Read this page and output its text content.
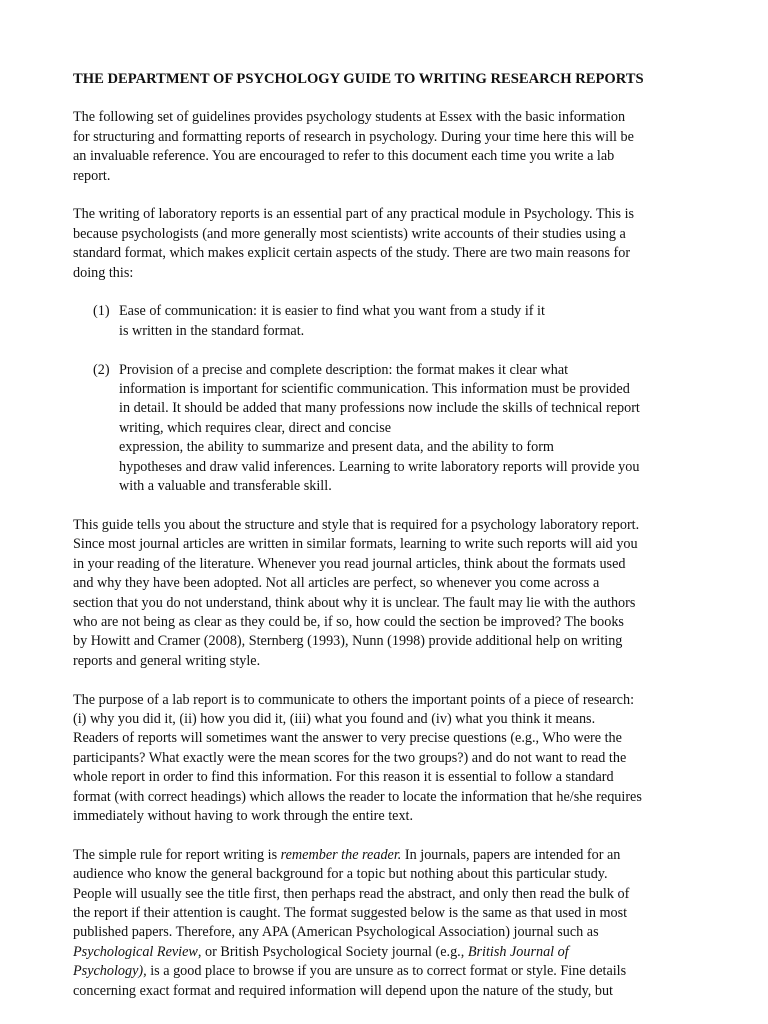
THE DEPARTMENT OF PSYCHOLOGY GUIDE TO WRITING RESEARCH REPORTS

The following set of guidelines provides psychology students at Essex with the basic information
for structuring and formatting reports of research in psychology. During your time here this will be
an invaluable reference. You are encouraged to refer to this document each time you write a lab
report.

The writing of laboratory reports is an essential part of any practical module in Psychology. This is
because psychologists (and more generally most scientists) write accounts of their studies using a
standard format, which makes explicit certain aspects of the study. There are two main reasons for
doing this:

(1) Ease of communication: it is easier to find what you want from a study if it
is written in the standard format.
(2) Provision of a precise and complete description: the format makes it clear what
information is important for scientific communication. This information must be provided
in detail. It should be added that many professions now include the skills of technical report
writing, which requires clear, direct and concise
expression, the ability to summarize and present data, and the ability to form
hypotheses and draw valid inferences. Learning to write laboratory reports will provide you
with a valuable and transferable skill.

This guide tells you about the structure and style that is required for a psychology laboratory report.
Since most journal articles are written in similar formats, learning to write such reports will aid you
in your reading of the literature. Whenever you read journal articles, think about the formats used
and why they have been adopted. Not all articles are perfect, so whenever you come across a
section that you do not understand, think about why it is unclear. The fault may lie with the authors
who are not being as clear as they could be, if so, how could the section be improved? The books
by Howitt and Cramer (2008), Sternberg (1993), Nunn (1998) provide additional help on writing
reports and general writing style.

The purpose of a lab report is to communicate to others the important points of a piece of research:
(i) why you did it, (ii) how you did it, (iii) what you found and (iv) what you think it means.
Readers of reports will sometimes want the answer to very precise questions (e.g., Who were the
participants? What exactly were the mean scores for the two groups?) and do not want to read the
whole report in order to find this information. For this reason it is essential to follow a standard
format (with correct headings) which allows the reader to locate the information that he/she requires
immediately without having to work through the entire text.

The simple rule for report writing is remember the reader. In journals, papers are intended for an
audience who know the general background for a topic but nothing about this particular study.
People will usually see the title first, then perhaps read the abstract, and only then read the bulk of
the report if their attention is caught. The format suggested below is the same as that used in most
published papers. Therefore, any APA (American Psychological Association) journal such as
Psychological Review, or British Psychological Society journal (e.g., British Journal of
Psychology), is a good place to browse if you are unsure as to correct format or style. Fine details
concerning exact format and required information will depend upon the nature of the study, but
